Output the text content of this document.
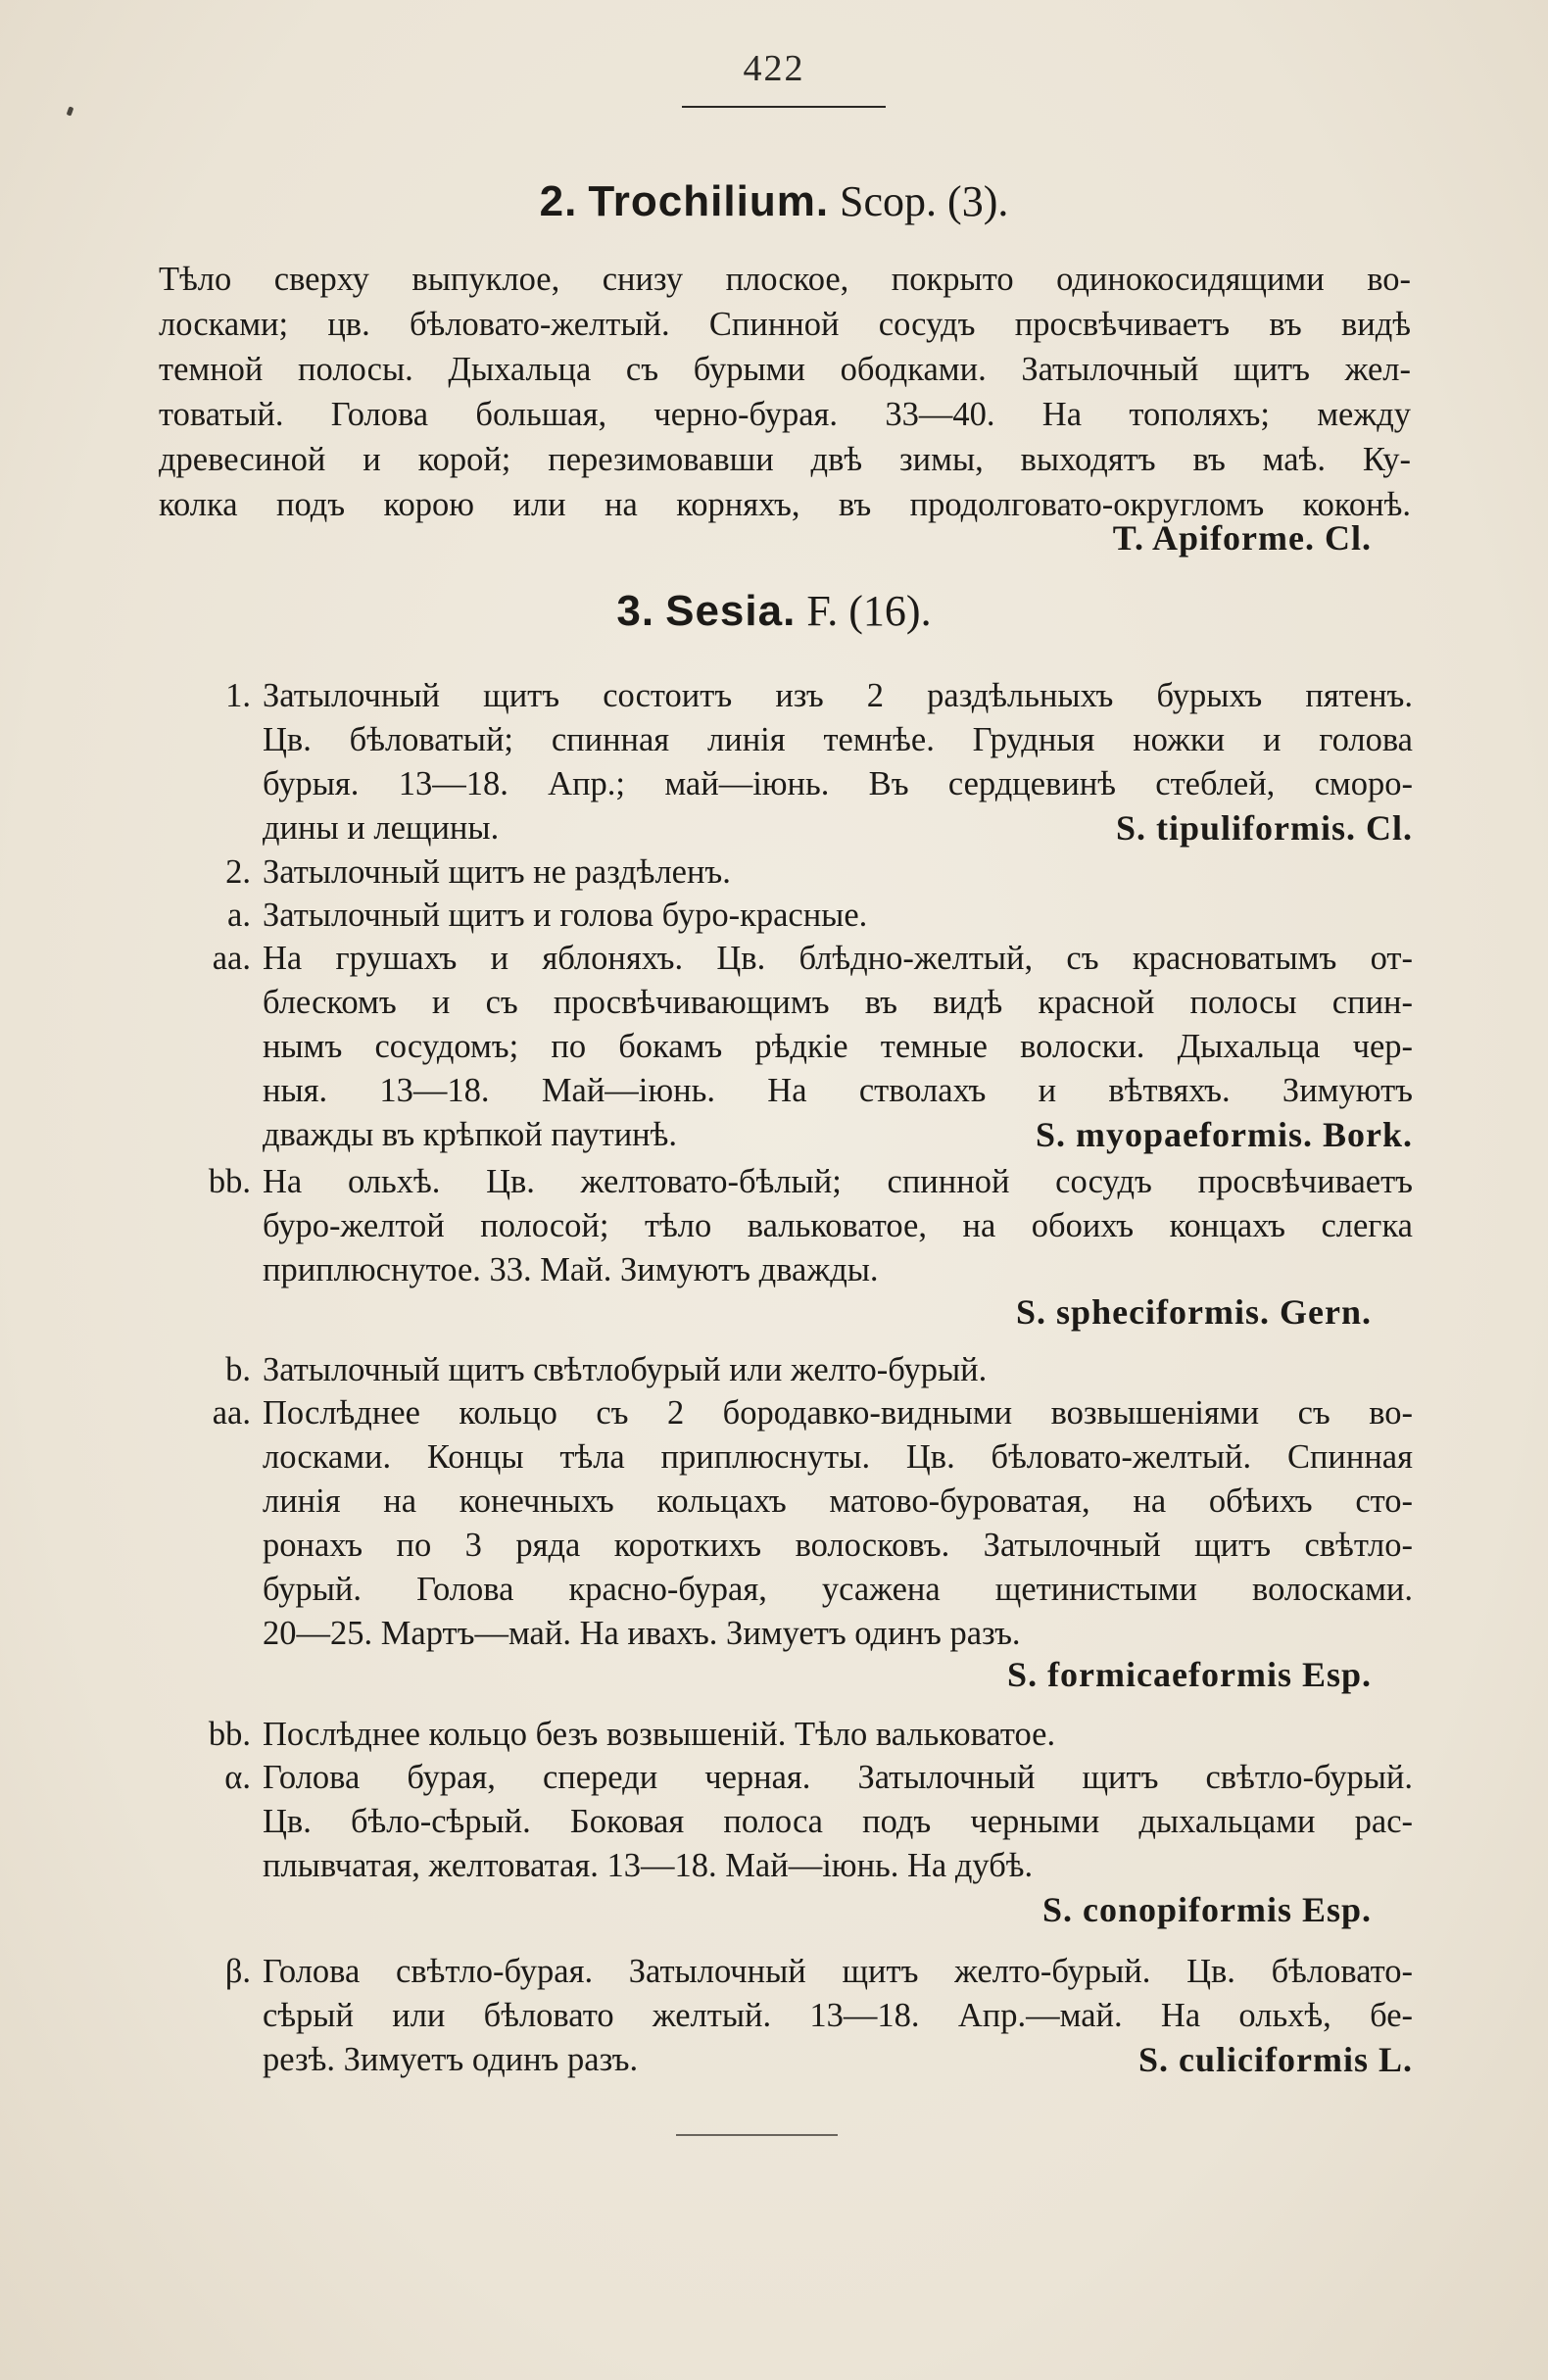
422
2. Trochilium. Scop. (3).
Тѣло сверху выпуклое, снизу плоское, покрыто одинокосидящими во-
лосками; цв. бѣловато-желтый. Спинной сосудъ просвѣчиваетъ въ видѣ
темной полосы. Дыхальца съ бурыми ободками. Затылочный щитъ жел-
товатый. Голова большая, черно-бурая. 33—40. На тополяхъ; между
древесиной и корой; перезимовавши двѣ зимы, выходятъ въ маѣ. Ку-
колка подъ корою или на корняхъ, въ продолговато-округломъ коконѣ.
T. Apiforme. Cl.
3. Sesia. F. (16).
1. Затылочный щитъ состоитъ изъ 2 раздѣльныхъ бурыхъ пятенъ.
Цв. бѣловатый; спинная линія темнѣе. Грудныя ножки и голова
бурыя. 13—18. Апр.; май—іюнь. Въ сердцевинѣ стеблей, сморо-
дины и лещины.	S. tipuliformis. Cl.
2. Затылочный щитъ не раздѣленъ.
a. Затылочный щитъ и голова буро-красные.
aa. На грушахъ и яблоняхъ. Цв. блѣдно-желтый, съ красноватымъ от-
блескомъ и съ просвѣчивающимъ въ видѣ красной полосы спин-
нымъ сосудомъ; по бокамъ рѣдкіе темные волоски. Дыхальца чер-
ныя. 13—18. Май—іюнь. На стволахъ и вѣтвяхъ. Зимуютъ
дважды въ крѣпкой паутинѣ.	S. myopaeformis. Bork.
bb. На ольхѣ. Цв. желтовато-бѣлый; спинной сосудъ просвѣчиваетъ
буро-желтой полосой; тѣло вальковатое, на обоихъ концахъ слегка
приплюснутое. 33. Май. Зимуютъ дважды.
S. spheciformis. Gern.
b. Затылочный щитъ свѣтлобурый или желто-бурый.
aa. Послѣднее кольцо съ 2 бородавко-видными возвышеніями съ во-
лосками. Концы тѣла приплюснуты. Цв. бѣловато-желтый. Спинная
линія на конечныхъ кольцахъ матово-буроватая, на обѣихъ сто-
ронахъ по 3 ряда короткихъ волосковъ. Затылочный щитъ свѣтло-
бурый. Голова красно-бурая, усажена щетинистыми волосками.
20—25. Мартъ—май. На ивахъ. Зимуетъ одинъ разъ.
S. formicaeformis Esp.
bb. Послѣднее кольцо безъ возвышеній. Тѣло вальковатое.
α. Голова бурая, спереди черная. Затылочный щитъ свѣтло-бурый.
Цв. бѣло-сѣрый. Боковая полоса подъ черными дыхальцами рас-
плывчатая, желтоватая. 13—18. Май—іюнь. На дубѣ.
S. conopiformis Esp.
β. Голова свѣтло-бурая. Затылочный щитъ желто-бурый. Цв. бѣловато-
сѣрый или бѣловато желтый. 13—18. Апр.—май. На ольхѣ, бе-
резѣ. Зимуетъ одинъ разъ.	S. culiciformis L.
